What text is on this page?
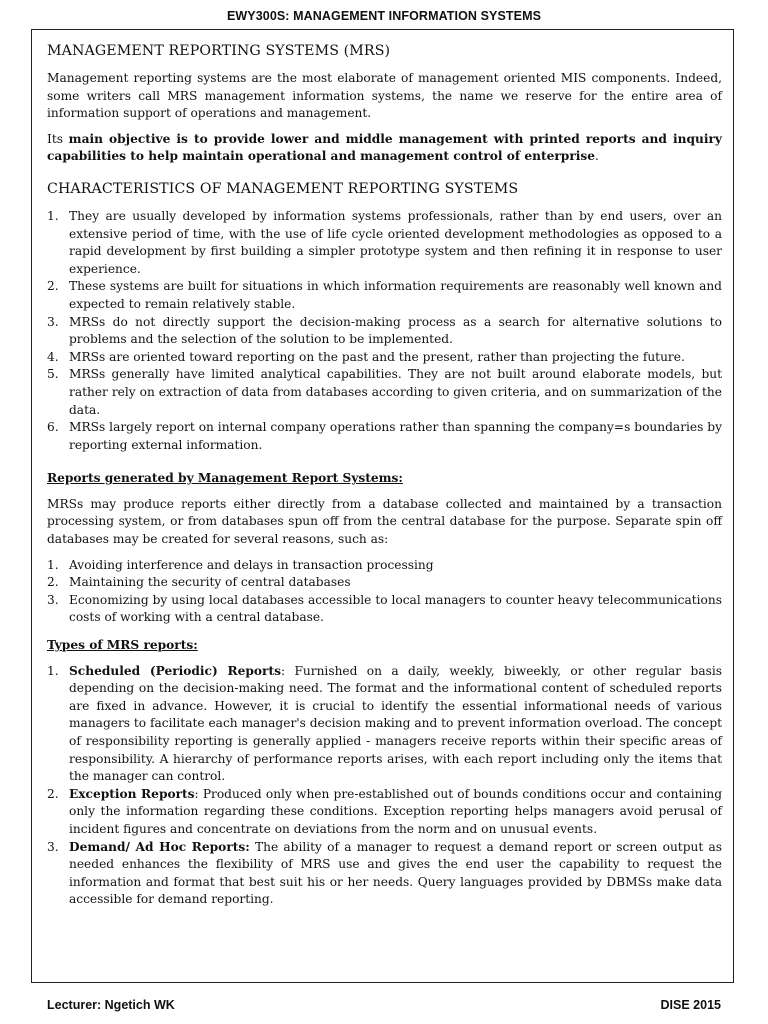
EWY300S: MANAGEMENT INFORMATION SYSTEMS
MANAGEMENT REPORTING SYSTEMS (MRS)

Management reporting systems are the most elaborate of management oriented MIS components. Indeed, some writers call MRS management information systems, the name we reserve for the entire area of information support of operations and management.

Its main objective is to provide lower and middle management with printed reports and inquiry capabilities to help maintain operational and management control of enterprise.

CHARACTERISTICS OF MANAGEMENT REPORTING SYSTEMS
1. They are usually developed by information systems professionals, rather than by end users, over an extensive period of time, with the use of life cycle oriented development methodologies as opposed to a rapid development by first building a simpler prototype system and then refining it in response to user experience.
2. These systems are built for situations in which information requirements are reasonably well known and expected to remain relatively stable.
3. MRSs do not directly support the decision-making process as a search for alternative solutions to problems and the selection of the solution to be implemented.
4. MRSs are oriented toward reporting on the past and the present, rather than projecting the future.
5. MRSs generally have limited analytical capabilities. They are not built around elaborate models, but rather rely on extraction of data from databases according to given criteria, and on summarization of the data.
6. MRSs largely report on internal company operations rather than spanning the company=s boundaries by reporting external information.
Reports generated by Management Report Systems:

MRSs may produce reports either directly from a database collected and maintained by a transaction processing system, or from databases spun off from the central database for the purpose. Separate spin off databases may be created for several reasons, such as:

1. Avoiding interference and delays in transaction processing
2. Maintaining the security of central databases
3. Economizing by using local databases accessible to local managers to counter heavy telecommunications costs of working with a central database.
Types of MRS reports:
1. Scheduled (Periodic) Reports: Furnished on a daily, weekly, biweekly, or other regular basis depending on the decision-making need. The format and the informational content of scheduled reports are fixed in advance. However, it is crucial to identify the essential informational needs of various managers to facilitate each manager's decision making and to prevent information overload. The concept of responsibility reporting is generally applied - managers receive reports within their specific areas of responsibility. A hierarchy of performance reports arises, with each report including only the items that the manager can control.
2. Exception Reports: Produced only when pre-established out of bounds conditions occur and containing only the information regarding these conditions. Exception reporting helps managers avoid perusal of incident figures and concentrate on deviations from the norm and on unusual events.
3. Demand/ Ad Hoc Reports: The ability of a manager to request a demand report or screen output as needed enhances the flexibility of MRS use and gives the end user the capability to request the information and format that best suit his or her needs. Query languages provided by DBMSs make data accessible for demand reporting.
Lecturer: Ngetich WK	DISE 2015
